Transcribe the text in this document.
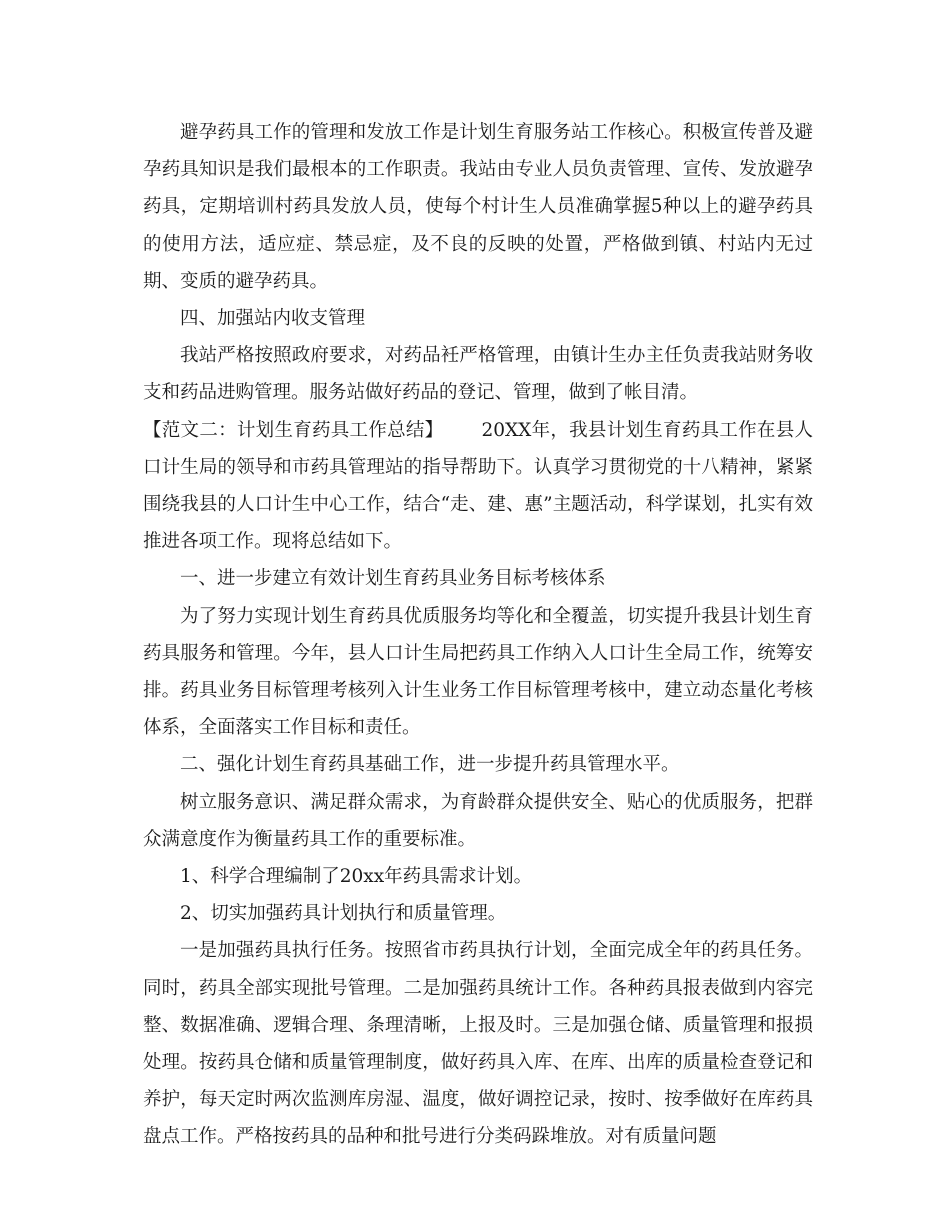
避孕药具工作的管理和发放工作是计划生育服务站工作核心。积极宣传普及避孕药具知识是我们最根本的工作职责。我站由专业人员负责管理、宣传、发放避孕药具，定期培训村药具发放人员，使每个村计生人员准确掌握5种以上的避孕药具的使用方法，适应症、禁忌症，及不良的反映的处置，严格做到镇、村站内无过期、变质的避孕药具。

四、加强站内收支管理

我站严格按照政府要求，对药品衽严格管理，由镇计生办主任负责我站财务收支和药品进购管理。服务站做好药品的登记、管理，做到了帐目清。

【范文二：计划生育药具工作总结】 20XX年，我县计划生育药具工作在县人口计生局的领导和市药具管理站的指导帮助下。认真学习贯彻党的十八精神，紧紧围绕我县的人口计生中心工作，结合“走、建、惠”主题活动，科学谋划，扎实有效推进各项工作。现将总结如下。

一、进一步建立有效计划生育药具业务目标考核体系

为了努力实现计划生育药具优质服务均等化和全覆盖，切实提升我县计划生育药具服务和管理。今年，县人口计生局把药具工作纳入人口计生全局工作，统筹安排。药具业务目标管理考核列入计生业务工作目标管理考核中，建立动态量化考核体系，全面落实工作目标和责任。

二、强化计划生育药具基础工作，进一步提升药具管理水平。

树立服务意识、满足群众需求，为育龄群众提供安全、贴心的优质服务，把群众满意度作为衡量药具工作的重要标准。

1、科学合理编制了20xx年药具需求计划。

2、切实加强药具计划执行和质量管理。

一是加强药具执行任务。按照省市药具执行计划，全面完成全年的药具任务。同时，药具全部实现批号管理。二是加强药具统计工作。各种药具报表做到内容完整、数据准确、逻辑合理、条理清晰，上报及时。三是加强仓储、质量管理和报损处理。按药具仓储和质量管理制度，做好药具入库、在库、出库的质量检查登记和养护，每天定时两次监测库房湿、温度，做好调控记录，按时、按季做好在库药具盘点工作。严格按药具的品种和批号进行分类码跺堆放。对有质量问题
